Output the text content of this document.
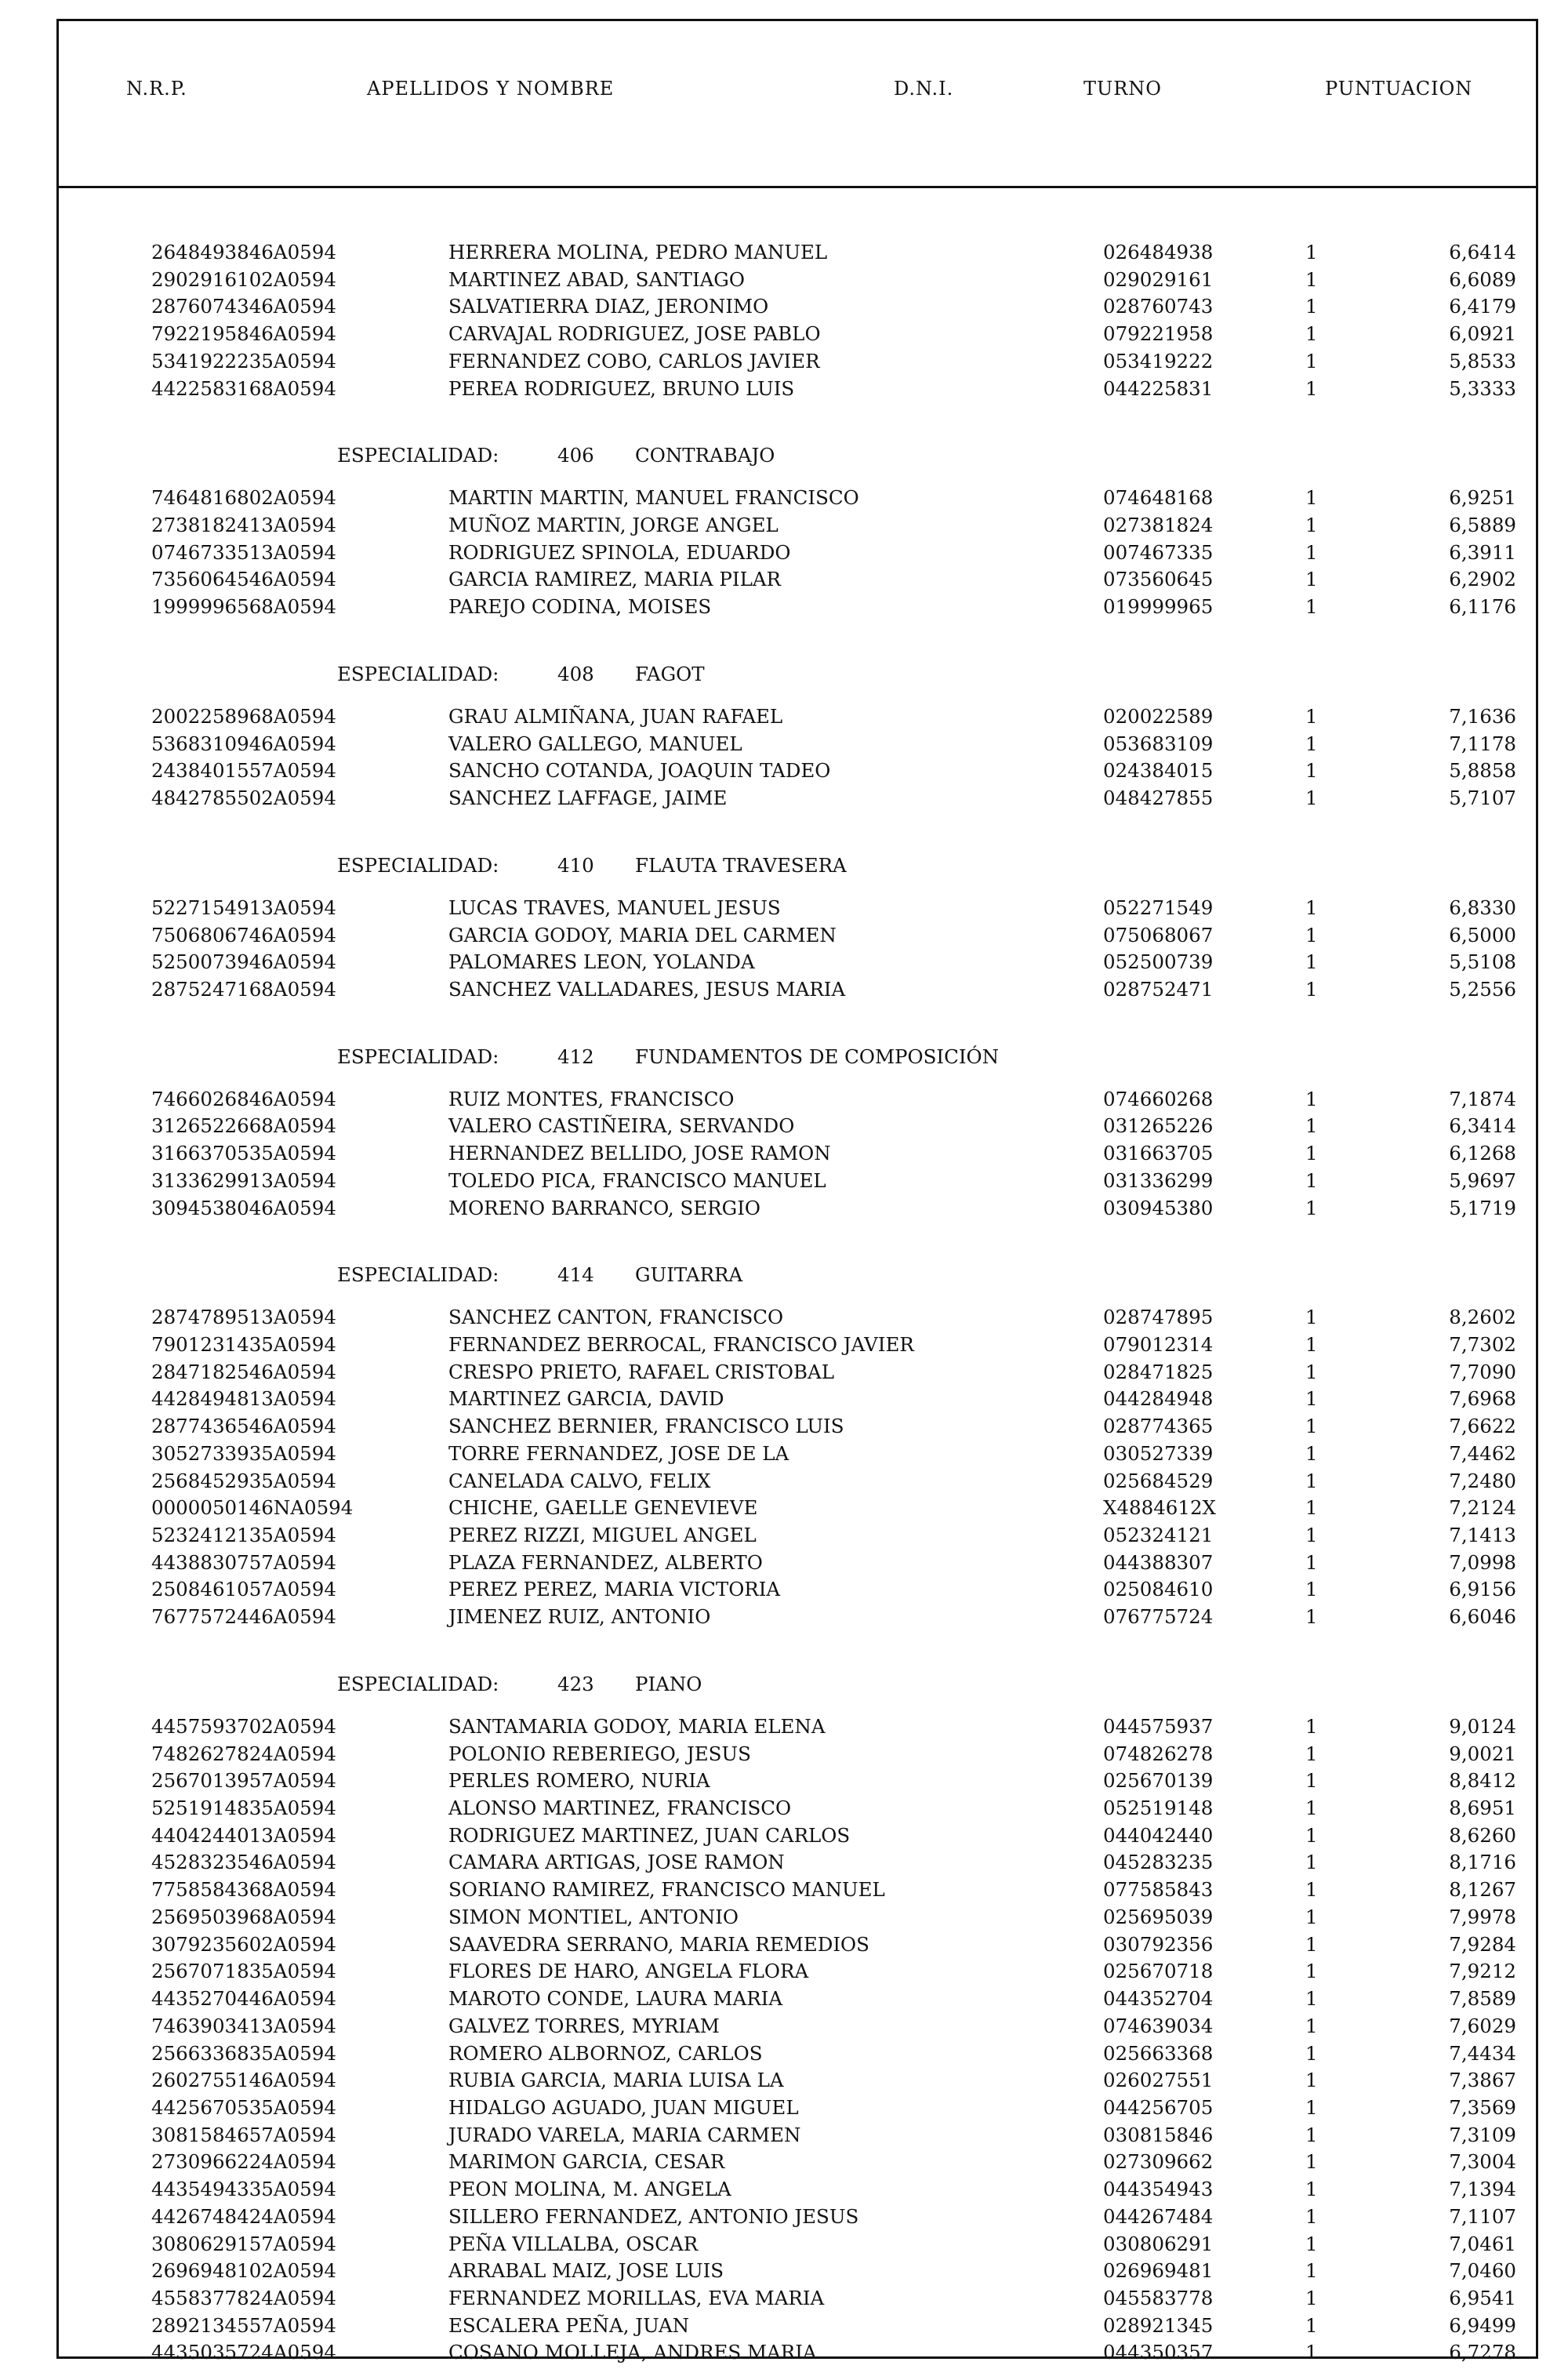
N.R.P.	APELLIDOS Y NOMBRE	D.N.I.	TURNO	PUNTUACION
2648493846A0594	HERRERA MOLINA, PEDRO MANUEL	026484938	1	6,6414
2902916102A0594	MARTINEZ ABAD, SANTIAGO	029029161	1	6,6089
2876074346A0594	SALVATIERRA DIAZ, JERONIMO	028760743	1	6,4179
7922195846A0594	CARVAJAL RODRIGUEZ, JOSE PABLO	079221958	1	6,0921
5341922235A0594	FERNANDEZ COBO, CARLOS JAVIER	053419222	1	5,8533
4422583168A0594	PEREA RODRIGUEZ, BRUNO LUIS	044225831	1	5,3333
ESPECIALIDAD:	406 CONTRABAJO
7464816802A0594	MARTIN MARTIN, MANUEL FRANCISCO	074648168	1	6,9251
2738182413A0594	MUÑOZ MARTIN, JORGE ANGEL	027381824	1	6,5889
0746733513A0594	RODRIGUEZ SPINOLA, EDUARDO	007467335	1	6,3911
7356064546A0594	GARCIA RAMIREZ, MARIA PILAR	073560645	1	6,2902
1999996568A0594	PAREJO CODINA, MOISES	019999965	1	6,1176
ESPECIALIDAD:	408 FAGOT
2002258968A0594	GRAU ALMIÑANA, JUAN RAFAEL	020022589	1	7,1636
5368310946A0594	VALERO GALLEGO, MANUEL	053683109	1	7,1178
2438401557A0594	SANCHO COTANDA, JOAQUIN TADEO	024384015	1	5,8858
4842785502A0594	SANCHEZ LAFFAGE, JAIME	048427855	1	5,7107
ESPECIALIDAD:	410 FLAUTA TRAVESERA
5227154913A0594	LUCAS TRAVES, MANUEL JESUS	052271549	1	6,8330
7506806746A0594	GARCIA GODOY, MARIA DEL CARMEN	075068067	1	6,5000
5250073946A0594	PALOMARES LEON, YOLANDA	052500739	1	5,5108
2875247168A0594	SANCHEZ VALLADARES, JESUS MARIA	028752471	1	5,2556
ESPECIALIDAD:	412 FUNDAMENTOS DE COMPOSICIÓN
7466026846A0594	RUIZ MONTES, FRANCISCO	074660268	1	7,1874
3126522668A0594	VALERO CASTIÑEIRA, SERVANDO	031265226	1	6,3414
3166370535A0594	HERNANDEZ BELLIDO, JOSE RAMON	031663705	1	6,1268
3133629913A0594	TOLEDO PICA, FRANCISCO MANUEL	031336299	1	5,9697
3094538046A0594	MORENO BARRANCO, SERGIO	030945380	1	5,1719
ESPECIALIDAD:	414 GUITARRA
2874789513A0594	SANCHEZ CANTON, FRANCISCO	028747895	1	8,2602
7901231435A0594	FERNANDEZ BERROCAL, FRANCISCO JAVIER	079012314	1	7,7302
2847182546A0594	CRESPO PRIETO, RAFAEL CRISTOBAL	028471825	1	7,7090
4428494813A0594	MARTINEZ GARCIA, DAVID	044284948	1	7,6968
2877436546A0594	SANCHEZ BERNIER, FRANCISCO LUIS	028774365	1	7,6622
3052733935A0594	TORRE FERNANDEZ, JOSE DE LA	030527339	1	7,4462
2568452935A0594	CANELADA CALVO, FELIX	025684529	1	7,2480
0000050146NA0594	CHICHE, GAELLE GENEVIEVE	X4884612X	1	7,2124
5232412135A0594	PEREZ RIZZI, MIGUEL ANGEL	052324121	1	7,1413
4438830757A0594	PLAZA FERNANDEZ, ALBERTO	044388307	1	7,0998
2508461057A0594	PEREZ PEREZ, MARIA VICTORIA	025084610	1	6,9156
7677572446A0594	JIMENEZ RUIZ, ANTONIO	076775724	1	6,6046
ESPECIALIDAD:	423 PIANO
4457593702A0594	SANTAMARIA GODOY, MARIA ELENA	044575937	1	9,0124
7482627824A0594	POLONIO REBERIEGO, JESUS	074826278	1	9,0021
2567013957A0594	PERLES ROMERO, NURIA	025670139	1	8,8412
5251914835A0594	ALONSO MARTINEZ, FRANCISCO	052519148	1	8,6951
4404244013A0594	RODRIGUEZ MARTINEZ, JUAN CARLOS	044042440	1	8,6260
4528323546A0594	CAMARA ARTIGAS, JOSE RAMON	045283235	1	8,1716
7758584368A0594	SORIANO RAMIREZ, FRANCISCO MANUEL	077585843	1	8,1267
2569503968A0594	SIMON MONTIEL, ANTONIO	025695039	1	7,9978
3079235602A0594	SAAVEDRA SERRANO, MARIA REMEDIOS	030792356	1	7,9284
2567071835A0594	FLORES DE HARO, ANGELA FLORA	025670718	1	7,9212
4435270446A0594	MAROTO CONDE, LAURA MARIA	044352704	1	7,8589
7463903413A0594	GALVEZ TORRES, MYRIAM	074639034	1	7,6029
2566336835A0594	ROMERO ALBORNOZ, CARLOS	025663368	1	7,4434
2602755146A0594	RUBIA GARCIA, MARIA LUISA LA	026027551	1	7,3867
4425670535A0594	HIDALGO AGUADO, JUAN MIGUEL	044256705	1	7,3569
3081584657A0594	JURADO VARELA, MARIA CARMEN	030815846	1	7,3109
2730966224A0594	MARIMON GARCIA, CESAR	027309662	1	7,3004
4435494335A0594	PEON MOLINA, M. ANGELA	044354943	1	7,1394
4426748424A0594	SILLERO FERNANDEZ, ANTONIO JESUS	044267484	1	7,1107
3080629157A0594	PEÑA VILLALBA, OSCAR	030806291	1	7,0461
2696948102A0594	ARRABAL MAIZ, JOSE LUIS	026969481	1	7,0460
4558377824A0594	FERNANDEZ MORILLAS, EVA MARIA	045583778	1	6,9541
2892134557A0594	ESCALERA PEÑA, JUAN	028921345	1	6,9499
4435035724A0594	COSANO MOLLEJA, ANDRES MARIA	044350357	1	6,7278
